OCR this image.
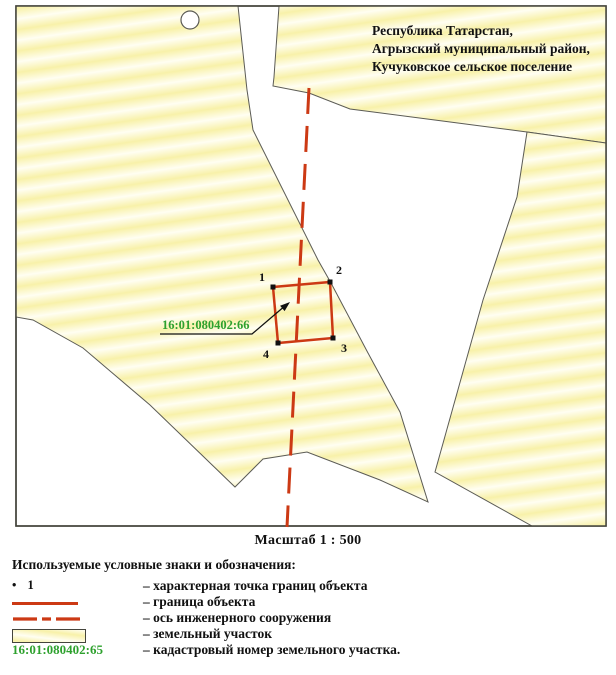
1	2
3
4
16:01:080402:66
Республика Татарстан,
Агрызский муниципальный район,
Кучуковское сельское поселение
Масштаб 1 : 500
Используемые условные знаки и обозначения:
• 1	– характерная точка границ объекта
– граница объекта
– ось инженерного сооружения
– земельный участок
16:01:080402:65	– кадастровый номер земельного участка.
